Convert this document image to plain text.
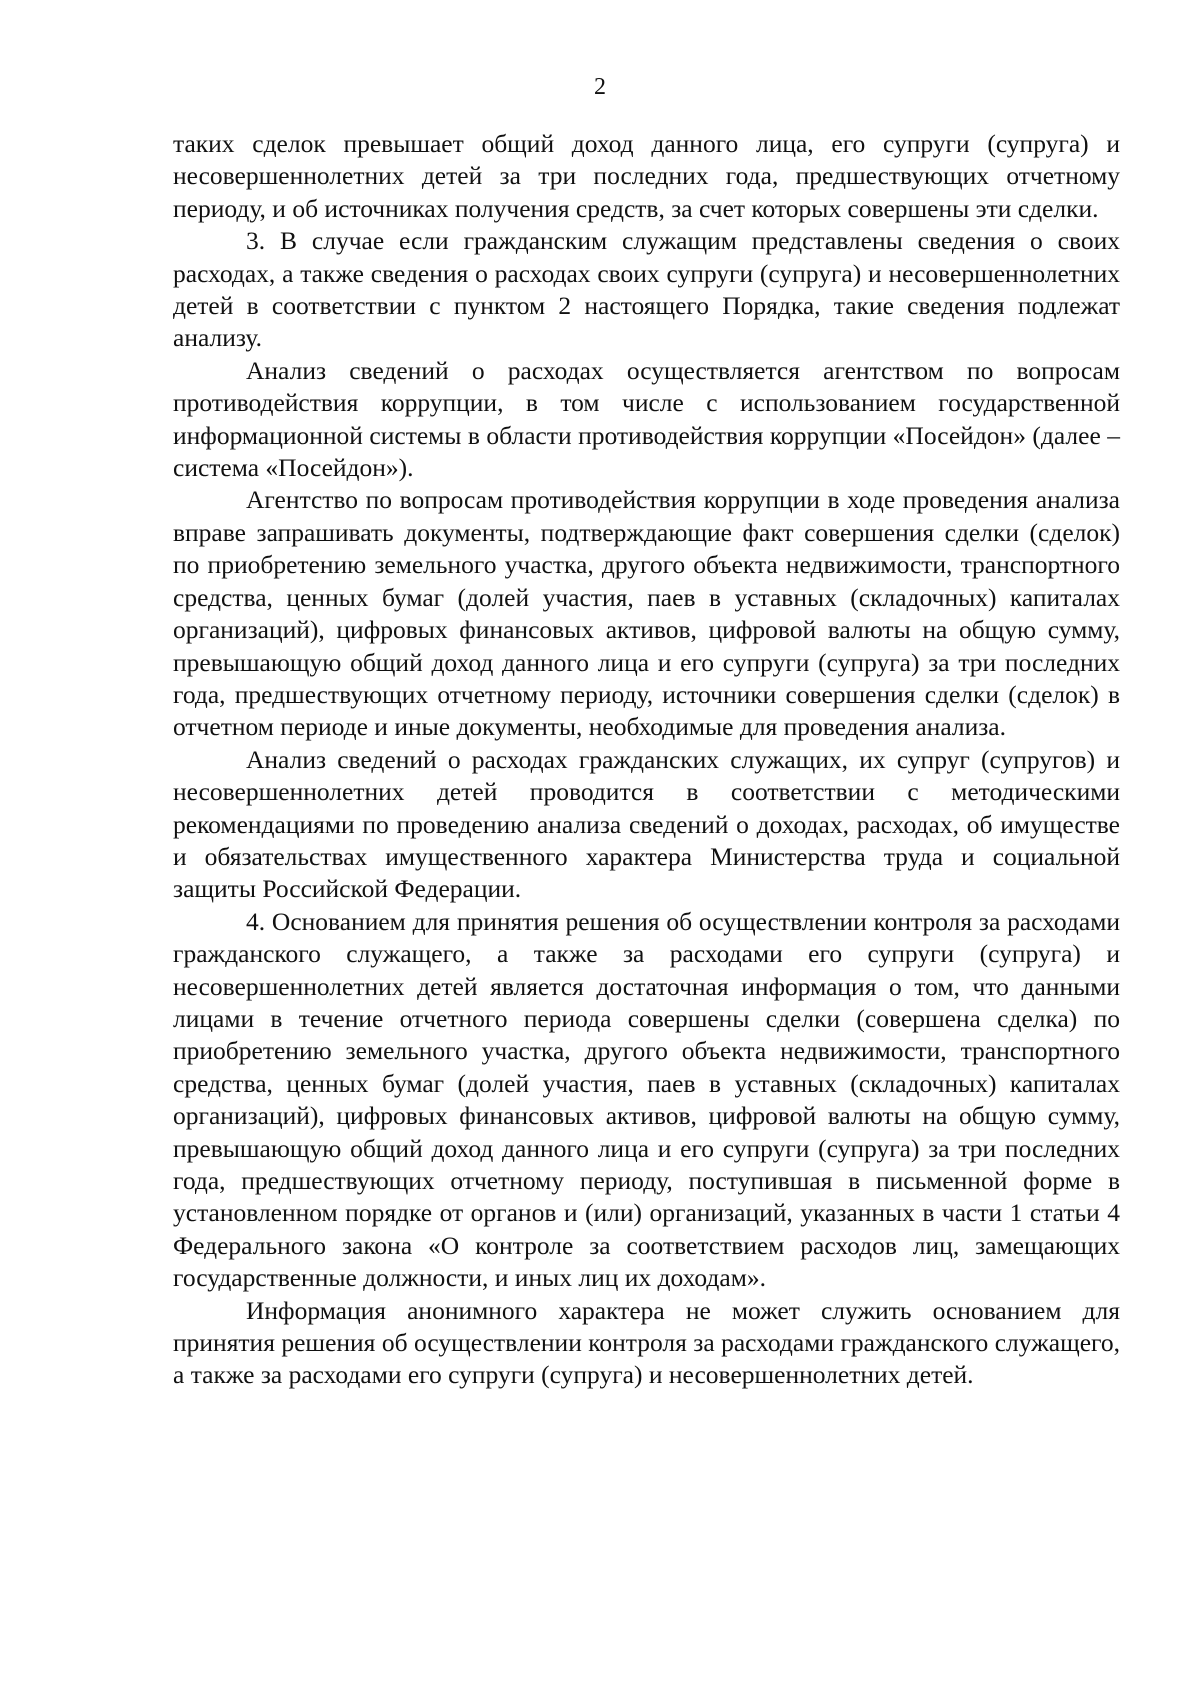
2

таких сделок превышает общий доход данного лица, его супруги (супруга) и несовершеннолетних детей за три последних года, предшествующих отчетному периоду, и об источниках получения средств, за счет которых совершены эти сделки.

3. В случае если гражданским служащим представлены сведения о своих расходах, а также сведения о расходах своих супруги (супруга) и несовершеннолетних детей в соответствии с пунктом 2 настоящего Порядка, такие сведения подлежат анализу.

Анализ сведений о расходах осуществляется агентством по вопросам противодействия коррупции, в том числе с использованием государственной информационной системы в области противодействия коррупции «Посейдон» (далее – система «Посейдон»).

Агентство по вопросам противодействия коррупции в ходе проведения анализа вправе запрашивать документы, подтверждающие факт совершения сделки (сделок) по приобретению земельного участка, другого объекта недвижимости, транспортного средства, ценных бумаг (долей участия, паев в уставных (складочных) капиталах организаций), цифровых финансовых активов, цифровой валюты на общую сумму, превышающую общий доход данного лица и его супруги (супруга) за три последних года, предшествующих отчетному периоду, источники совершения сделки (сделок) в отчетном периоде и иные документы, необходимые для проведения анализа.

Анализ сведений о расходах гражданских служащих, их супруг (супругов) и несовершеннолетних детей проводится в соответствии с методическими рекомендациями по проведению анализа сведений о доходах, расходах, об имуществе и обязательствах имущественного характера Министерства труда и социальной защиты Российской Федерации.

4. Основанием для принятия решения об осуществлении контроля за расходами гражданского служащего, а также за расходами его супруги (супруга) и несовершеннолетних детей является достаточная информация о том, что данными лицами в течение отчетного периода совершены сделки (совершена сделка) по приобретению земельного участка, другого объекта недвижимости, транспортного средства, ценных бумаг (долей участия, паев в уставных (складочных) капиталах организаций), цифровых финансовых активов, цифровой валюты на общую сумму, превышающую общий доход данного лица и его супруги (супруга) за три последних года, предшествующих отчетному периоду, поступившая в письменной форме в установленном порядке от органов и (или) организаций, указанных в части 1 статьи 4 Федерального закона «О контроле за соответствием расходов лиц, замещающих государственные должности, и иных лиц их доходам».

Информация анонимного характера не может служить основанием для принятия решения об осуществлении контроля за расходами гражданского служащего, а также за расходами его супруги (супруга) и несовершеннолетних детей.
